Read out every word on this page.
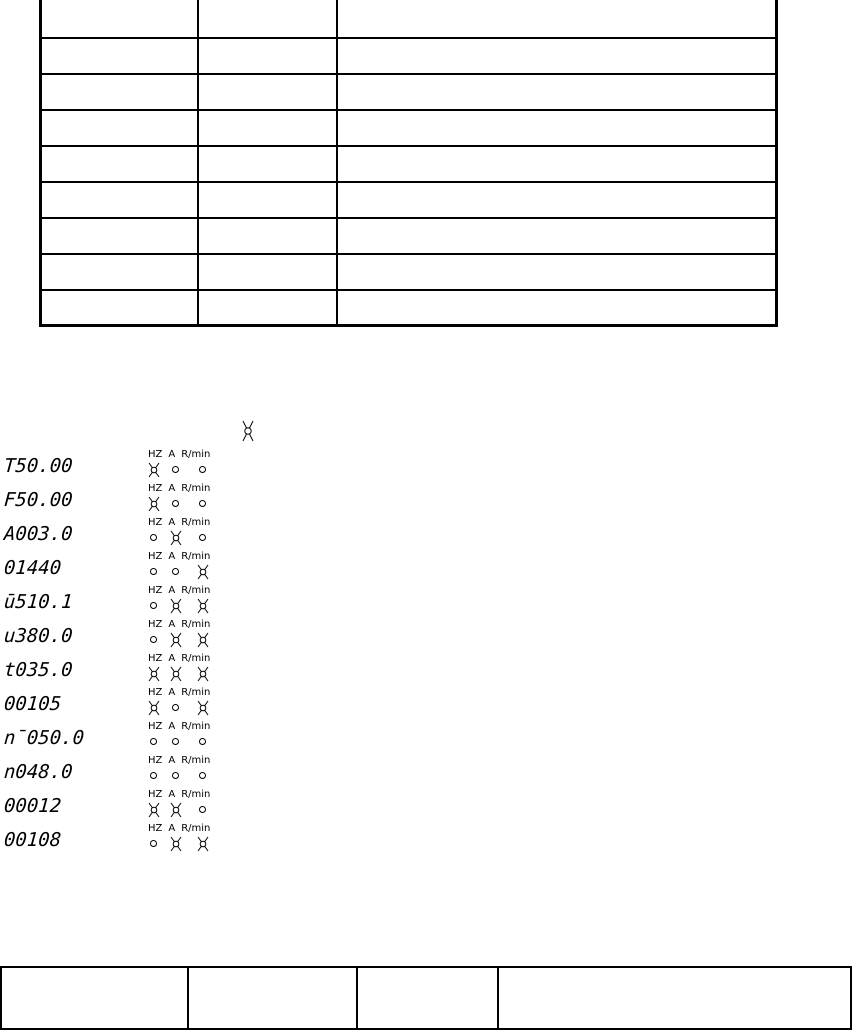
T50.00
HZ A R/min
F50.00
HZ A R/min
A003.0
HZ A R/min
01440
HZ A R/min
ū510.1
HZ A R/min
u380.0
HZ A R/min
t035.0
HZ A R/min
00105
HZ A R/min
n̄050.0
HZ A R/min
n048.0
HZ A R/min
00012
HZ A R/min
00108
HZ A R/min
